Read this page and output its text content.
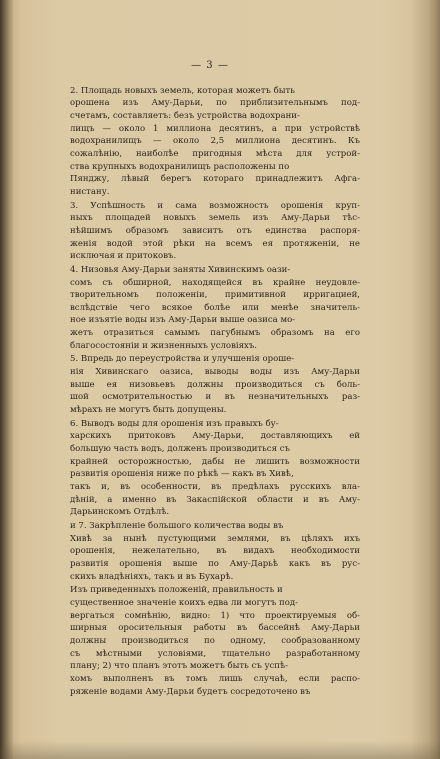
— 3 —

2. Площадь новыхъ земель, которая можетъ быть
орошена изъ Аму-Дарьи, по приблизительнымъ под-
счетамъ, составляетъ: безъ устройства водохрани-
лищъ — около 1 миллиона десятинъ, а при устройствѣ
водохранилищъ — около 2,5 миллиона десятинъ. Къ
сожалѣнію, наиболѣе пригодныя мѣста для устрой-
ства крупныхъ водохранилищъ расположены по
Пянджу, лѣвый берегъ котораго принадлежитъ Афга-
нистану.

3. Успѣшность и сама возможность орошенія круп-
ныхъ площадей новыхъ земель изъ Аму-Дарьи тѣс-
нѣйшимъ образомъ зависитъ отъ единства распоря-
женія водой этой рѣки на всемъ ея протяженіи, не
исключая и притоковъ.

4. Низовья Аму-Дарьи заняты Хивинскимъ оази-
сомъ съ обширной, находящейся въ крайне неудовле-
творительномъ положеніи, примитивной ирригацией,
вслѣдствіе чего всякое болѣе или менѣе значитель-
ное изъятіе воды изъ Аму-Дарьи выше оазиса мо-
жетъ отразиться самымъ пагубнымъ образомъ на его
благосостояніи и жизненныхъ условіяхъ.

5. Впредь до переустройства и улучшенія ороше-
нія Хивинскаго оазиса, выводы воды изъ Аму-Дарьи
выше ея низовьевъ должны производиться съ боль-
шой осмотрительностью и въ незначительныхъ раз-
мѣрахъ не могутъ быть допущены.

6. Выводъ воды для орошенія изъ правыхъ бу-
харскихъ притоковъ Аму-Дарьи, доставляющихъ ей
большую часть водъ, долженъ производиться съ
крайней осторожностью, дабы не лишить возможности
развитія орошенія ниже по рѣкѣ — какъ въ Хивѣ,
такъ и, въ особенности, въ предѣлахъ русскихъ вла-
дѣній, а именно въ Закаспійской области и въ Аму-
Дарьинскомъ Отдѣлѣ.

и 7. Закрѣпленіе большого количества воды въ
Хивѣ за нынѣ пустующими землями, въ цѣляхъ ихъ
орошенія, нежелательно, въ видахъ необходимости
развитія орошенія выше по Аму-Дарьѣ какъ въ рус-
скихъ владѣніяхъ, такъ и въ Бухарѣ.

Изъ приведенныхъ положеній, правильность и
существенное значеніе коихъ едва ли могутъ под-
вергаться сомнѣнію, видно: 1) что проектируемыя об-
ширныя оросительныя работы въ бассейнѣ Аму-Дарьи
должны производиться по одному, сообразованному
съ мѣстными условіями, тщательно разработанному
плану; 2) что планъ этотъ можетъ быть съ успѣ-
хомъ выполненъ въ томъ лишь случаѣ, если распо-
ряженіе водами Аму-Дарьи будетъ сосредоточено въ
